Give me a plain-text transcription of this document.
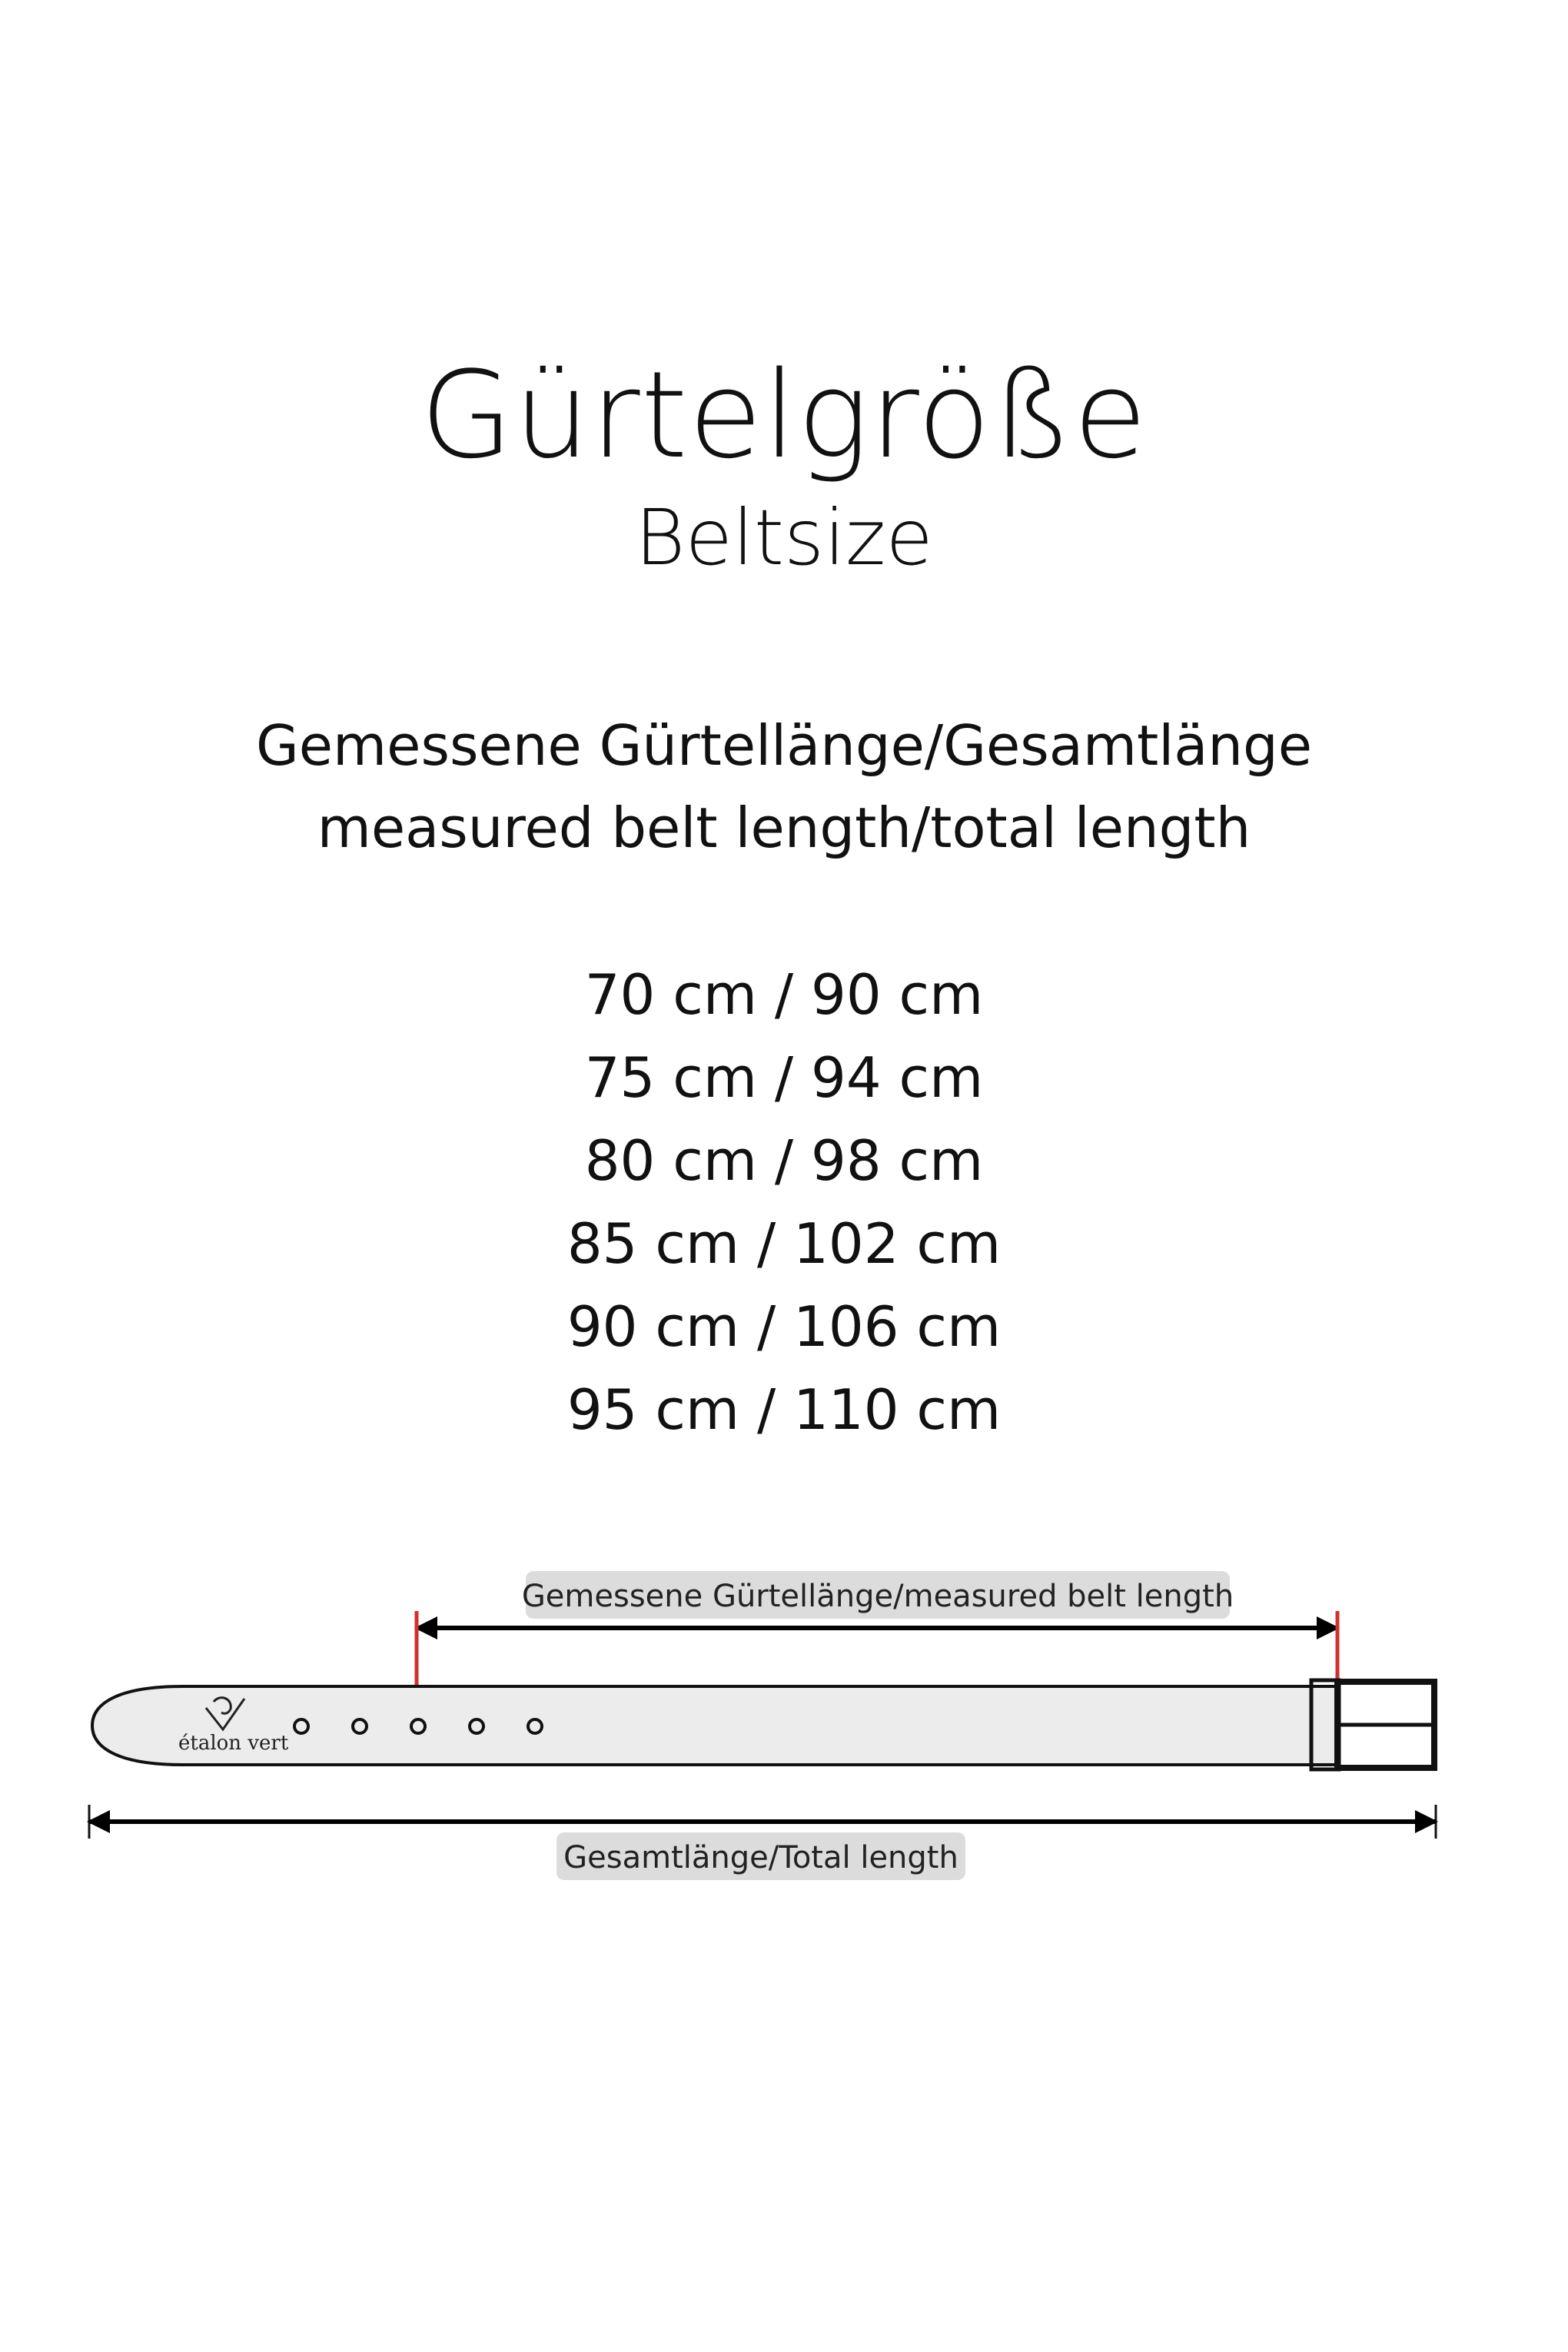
Gürtelgröße
Beltsize
Gemessene Gürtellänge/Gesamtlänge
measured belt length/total length
70 cm / 90 cm
75 cm / 94 cm
80 cm / 98 cm
85 cm / 102 cm
90 cm / 106 cm
95 cm / 110 cm
Gemessene Gürtellänge/measured belt length
étalon vert
Gesamtlänge/Total length
